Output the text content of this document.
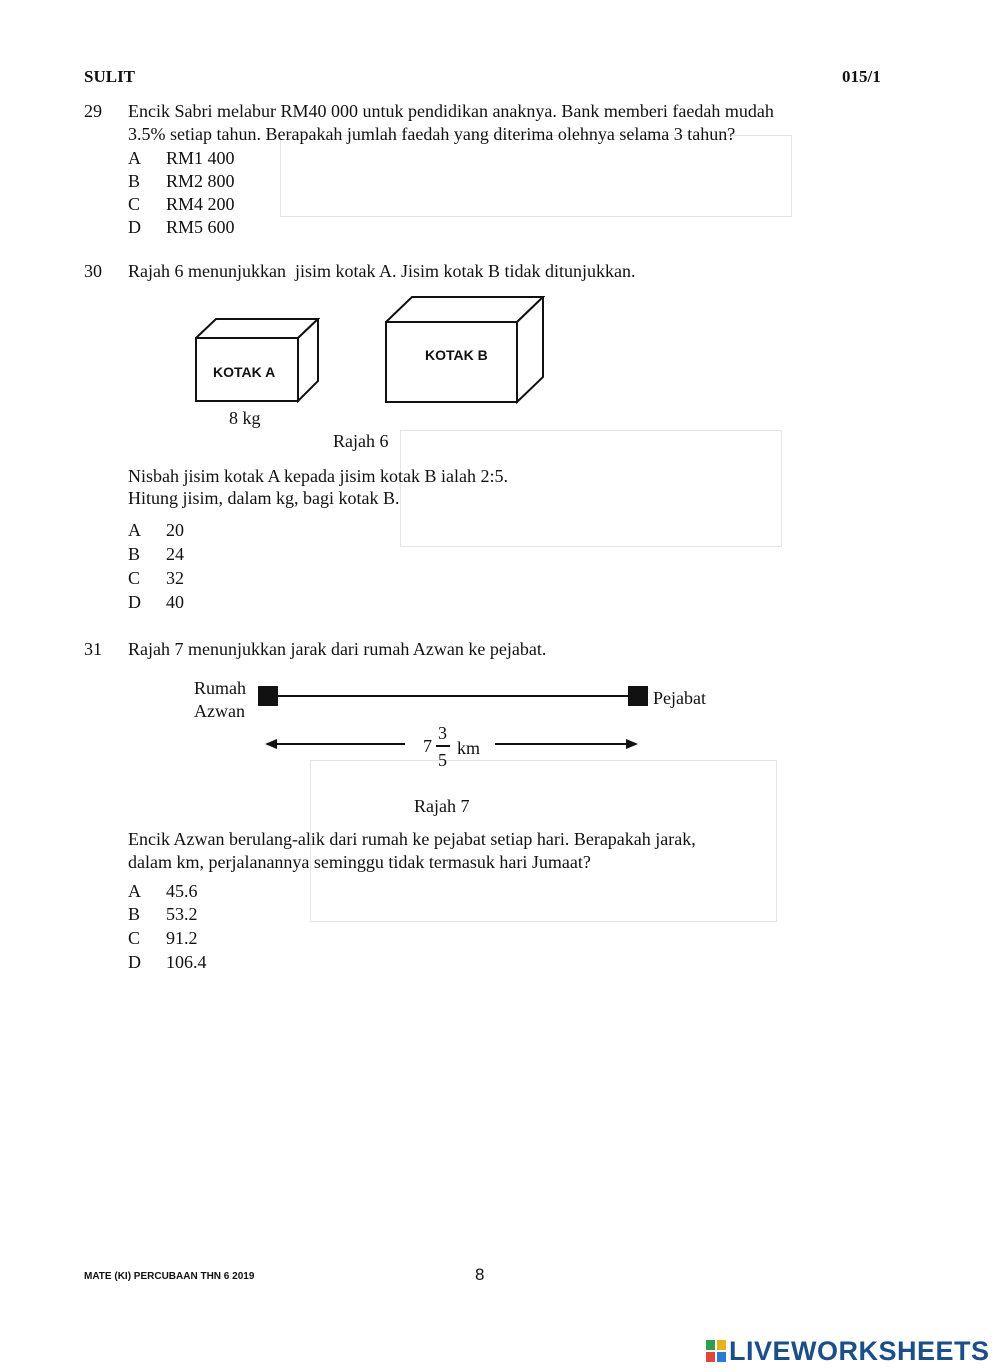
SULIT	015/1
29 Encik Sabri melabur RM40 000 untuk pendidikan anaknya. Bank memberi faedah mudah
3.5% setiap tahun. Berapakah jumlah faedah yang diterima olehnya selama 3 tahun?
A RM1 400
B RM2 800
C RM4 200
D RM5 600
30 Rajah 6 menunjukkan  jisim kotak A. Jisim kotak B tidak ditunjukkan.
KOTAK A
8 kg
KOTAK B
Rajah 6
Nisbah jisim kotak A kepada jisim kotak B ialah 2:5.
Hitung jisim, dalam kg, bagi kotak B.
A 20
B 24
C 32
D 40
31 Rajah 7 menunjukkan jarak dari rumah Azwan ke pejabat.
Rumah
Azwan
Pejabat
7
3
5
km
Rajah 7
Encik Azwan berulang-alik dari rumah ke pejabat setiap hari. Berapakah jarak,
dalam km, perjalanannya seminggu tidak termasuk hari Jumaat?
A 45.6
B 53.2
C 91.2
D 106.4
MATE (KI) PERCUBAAN THN 6 2019	8
LIVEWORKSHEETS
